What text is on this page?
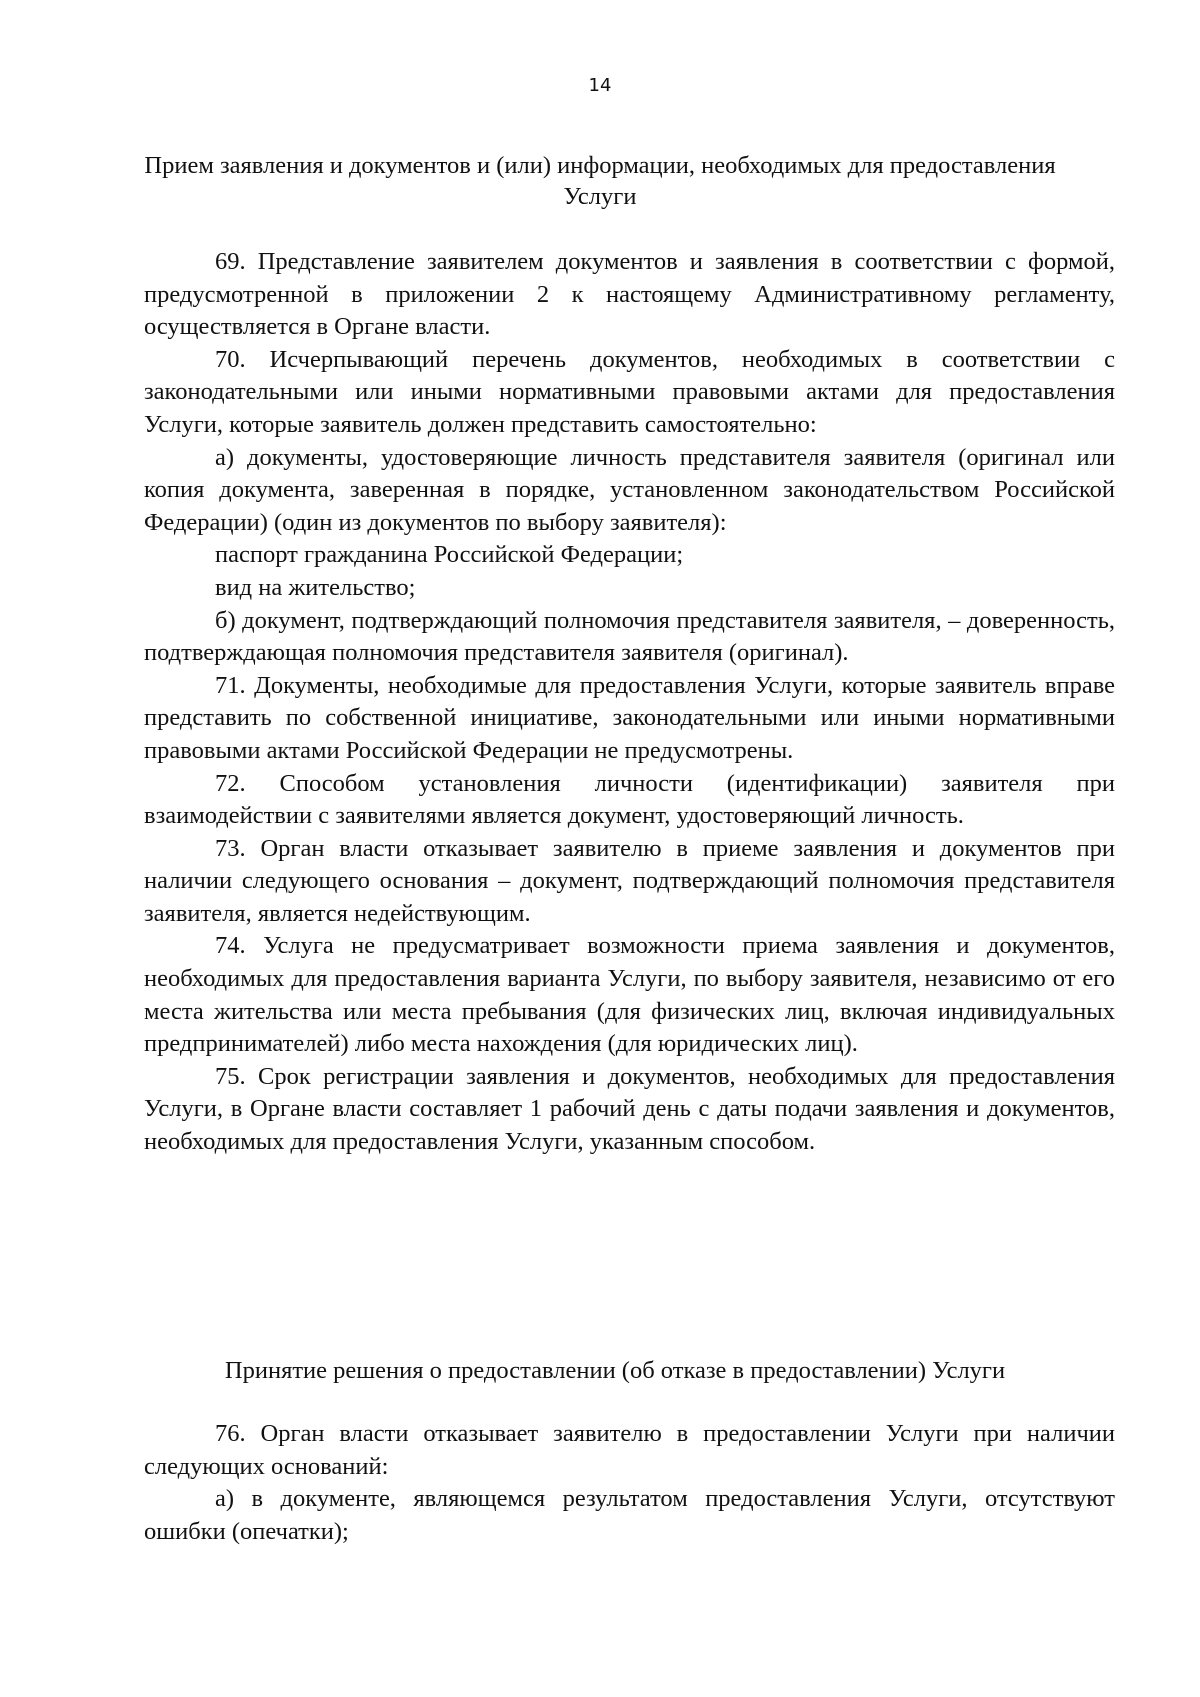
14
Прием заявления и документов и (или) информации, необходимых для предоставления Услуги

69. Представление заявителем документов и заявления в соответствии с формой, предусмотренной в приложении 2 к настоящему Административному регламенту, осуществляется в Органе власти.

70. Исчерпывающий перечень документов, необходимых в соответствии с законодательными или иными нормативными правовыми актами для предоставления Услуги, которые заявитель должен представить самостоятельно:

а) документы, удостоверяющие личность представителя заявителя (оригинал или копия документа, заверенная в порядке, установленном законодательством Российской Федерации) (один из документов по выбору заявителя):

паспорт гражданина Российской Федерации;

вид на жительство;

б) документ, подтверждающий полномочия представителя заявителя, – доверенность, подтверждающая полномочия представителя заявителя (оригинал).

71. Документы, необходимые для предоставления Услуги, которые заявитель вправе представить по собственной инициативе, законодательными или иными нормативными правовыми актами Российской Федерации не предусмотрены.

72. Способом установления личности (идентификации) заявителя при взаимодействии с заявителями является документ, удостоверяющий личность.

73. Орган власти отказывает заявителю в приеме заявления и документов при наличии следующего основания – документ, подтверждающий полномочия представителя заявителя, является недействующим.

74. Услуга не предусматривает возможности приема заявления и документов, необходимых для предоставления варианта Услуги, по выбору заявителя, независимо от его места жительства или места пребывания (для физических лиц, включая индивидуальных предпринимателей) либо места нахождения (для юридических лиц).

75. Срок регистрации заявления и документов, необходимых для предоставления Услуги, в Органе власти составляет 1 рабочий день с даты подачи заявления и документов, необходимых для предоставления Услуги, указанным способом.

Принятие решения о предоставлении (об отказе в предоставлении) Услуги

76. Орган власти отказывает заявителю в предоставлении Услуги при наличии следующих оснований:

а) в документе, являющемся результатом предоставления Услуги, отсутствуют ошибки (опечатки);
